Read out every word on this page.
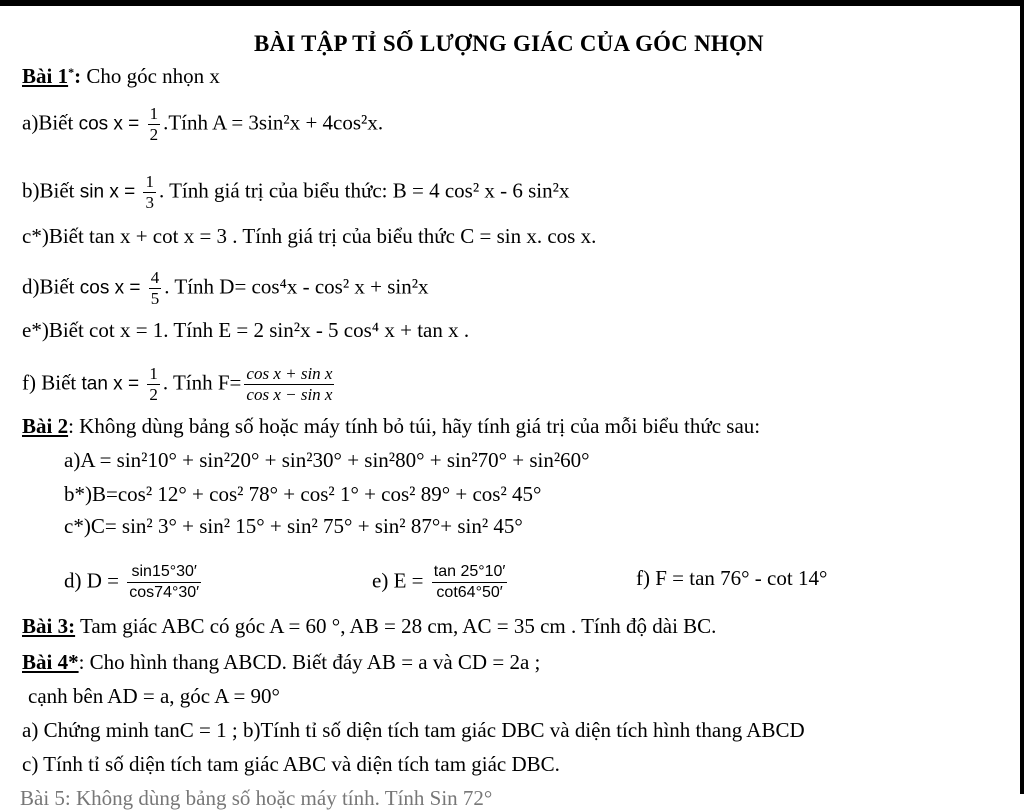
BÀI TẬP TỈ SỐ LƯỢNG GIÁC CỦA GÓC NHỌN
Bài 1*: Cho góc nhọn x
a)Biết $\cos x = \frac{1}{2}$ .Tính A = 3sin²x + 4cos²x.
b)Biết $\sin x = \frac{1}{3}$ . Tính giá trị của biểu thức: B = 4 cos² x - 6 sin²x
c*)Biết tan x + cot x = 3 . Tính giá trị của biểu thức C = sin x. cos x.
d)Biết $\cos x = \frac{4}{5}$ . Tính D= cos⁴x - cos² x + sin²x
e*)Biết cot x = 1. Tính E = 2 sin²x - 5 cos⁴ x + tan x .
f) Biết $\tan x = \frac{1}{2}$ . Tính $F= \frac{\text{cos x + sin x}}{\text{cos x − sin x}}$
Bài 2: Không dùng bảng số hoặc máy tính bỏ túi, hãy tính giá trị của mỗi biểu thức sau:
a)A = sin²10° + sin²20° + sin²30° + sin²80° + sin²70° + sin²60°
b*)B=cos² 12° + cos² 78° + cos² 1° + cos² 89° + cos² 45°
c*)C= sin² 3° + sin² 15° + sin² 75° + sin² 87°+ sin² 45°
d) $D = \frac{\sin 15^\circ 30'}{\cos 74^\circ 30'}$	e) $E = \frac{\tan 25^\circ 10'}{\cot 64^\circ 50'}$	f) F = tan 76° - cot 14°
Bài 3: Tam giác ABC có góc A = 60 °, AB = 28 cm, AC = 35 cm . Tính độ dài BC.
Bài 4*: Cho hình thang ABCD. Biết đáy AB = a và CD = 2a ;
cạnh bên AD = a, góc A = 90°
a) Chứng minh tanC = 1 ; b)Tính tỉ số diện tích tam giác DBC và diện tích hình thang ABCD
c) Tính tỉ số diện tích tam giác ABC và diện tích tam giác DBC.
Bài 5: Không dùng bảng số hoặc máy tính. Tính Sin 72°
